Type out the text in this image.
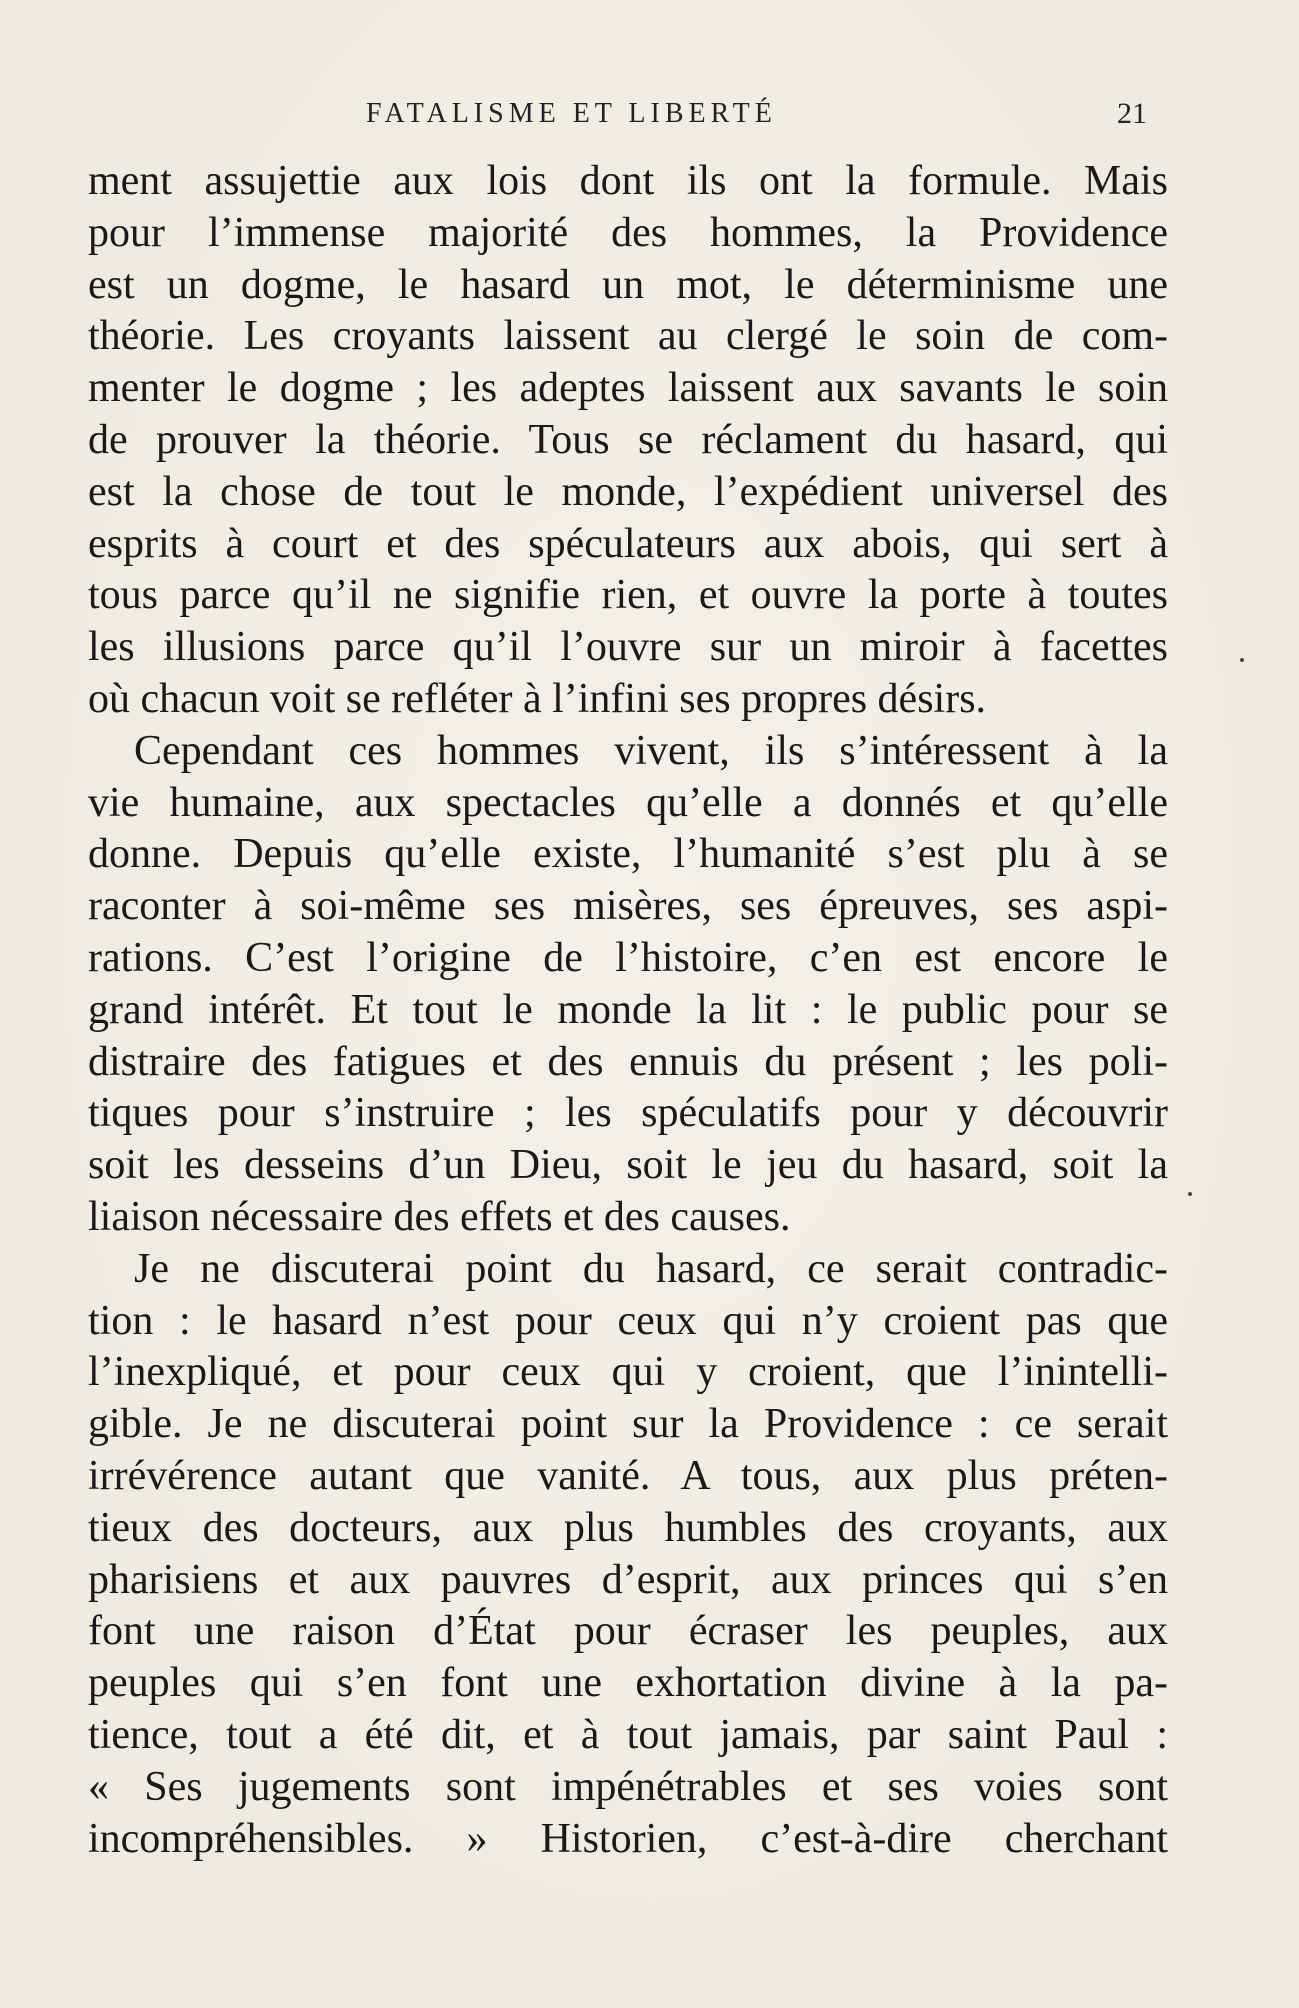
FATALISME ET LIBERTÉ	21
ment assujettie aux lois dont ils ont la formule. Mais
pour l’immense majorité des hommes, la Providence
est un dogme, le hasard un mot, le déterminisme une
théorie. Les croyants laissent au clergé le soin de com-
menter le dogme ; les adeptes laissent aux savants le soin
de prouver la théorie. Tous se réclament du hasard, qui
est la chose de tout le monde, l’expédient universel des
esprits à court et des spéculateurs aux abois, qui sert à
tous parce qu’il ne signifie rien, et ouvre la porte à toutes
les illusions parce qu’il l’ouvre sur un miroir à facettes
où chacun voit se refléter à l’infini ses propres désirs.
Cependant ces hommes vivent, ils s’intéressent à la
vie humaine, aux spectacles qu’elle a donnés et qu’elle
donne. Depuis qu’elle existe, l’humanité s’est plu à se
raconter à soi-même ses misères, ses épreuves, ses aspi-
rations. C’est l’origine de l’histoire, c’en est encore le
grand intérêt. Et tout le monde la lit : le public pour se
distraire des fatigues et des ennuis du présent ; les poli-
tiques pour s’instruire ; les spéculatifs pour y découvrir
soit les desseins d’un Dieu, soit le jeu du hasard, soit la
liaison nécessaire des effets et des causes.
Je ne discuterai point du hasard, ce serait contradic-
tion : le hasard n’est pour ceux qui n’y croient pas que
l’inexpliqué, et pour ceux qui y croient, que l’inintelli-
gible. Je ne discuterai point sur la Providence : ce serait
irrévérence autant que vanité. A tous, aux plus préten-
tieux des docteurs, aux plus humbles des croyants, aux
pharisiens et aux pauvres d’esprit, aux princes qui s’en
font une raison d’État pour écraser les peuples, aux
peuples qui s’en font une exhortation divine à la pa-
tience, tout a été dit, et à tout jamais, par saint Paul :
« Ses jugements sont impénétrables et ses voies sont
incompréhensibles. » Historien, c’est-à-dire cherchant
